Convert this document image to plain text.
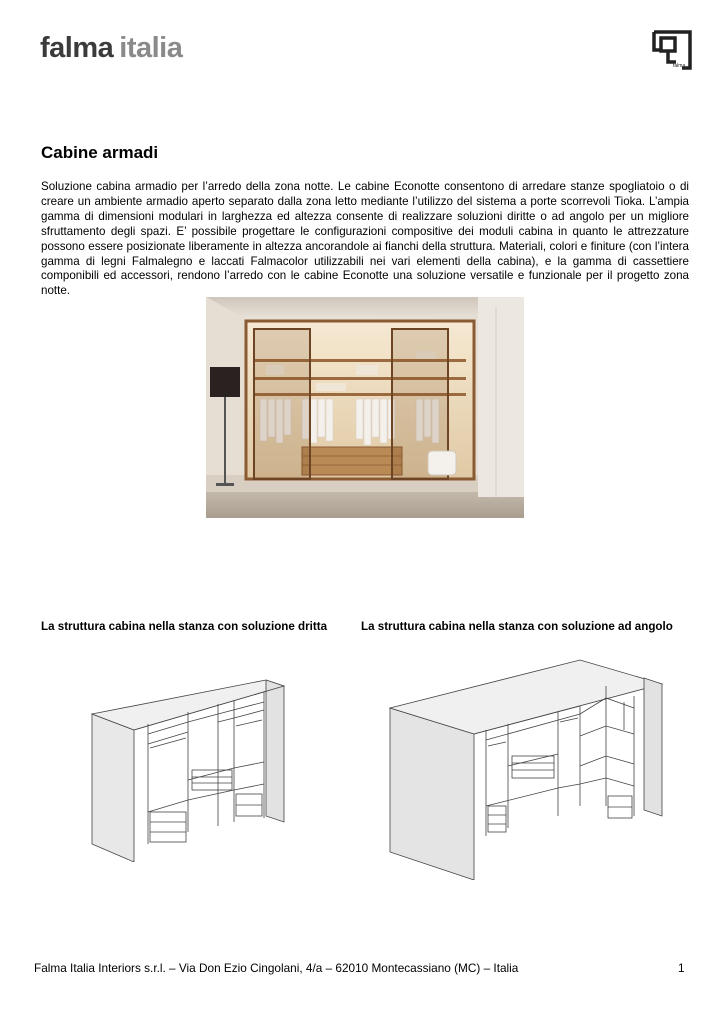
falma italia
falma
Cabine armadi
Soluzione cabina armadio per l’arredo della zona notte. Le cabine Econotte consentono di arredare stanze spogliatoio o di creare un ambiente armadio aperto separato dalla zona letto mediante l’utilizzo del sistema a porte scorrevoli Tioka. L’ampia gamma di dimensioni modulari in larghezza ed altezza consente di realizzare soluzioni diritte o ad angolo per un migliore sfruttamento degli spazi. E’ possibile progettare le configurazioni compositive dei moduli cabina in quanto le attrezzature possono essere posizionate liberamente in altezza ancorandole ai fianchi della struttura. Materiali, colori e finiture (con l’intera gamma di legni Falmalegno e laccati Falmacolor utilizzabili nei vari elementi della cabina), e la gamma di cassettiere componibili ed accessori, rendono l’arredo con le cabine Econotte una soluzione versatile e funzionale per il progetto zona notte.
La struttura cabina nella stanza con soluzione dritta	La struttura cabina nella stanza con soluzione ad angolo
Falma Italia Interiors s.r.l. – Via Don Ezio Cingolani, 4/a – 62010 Montecassiano (MC) – Italia	1
